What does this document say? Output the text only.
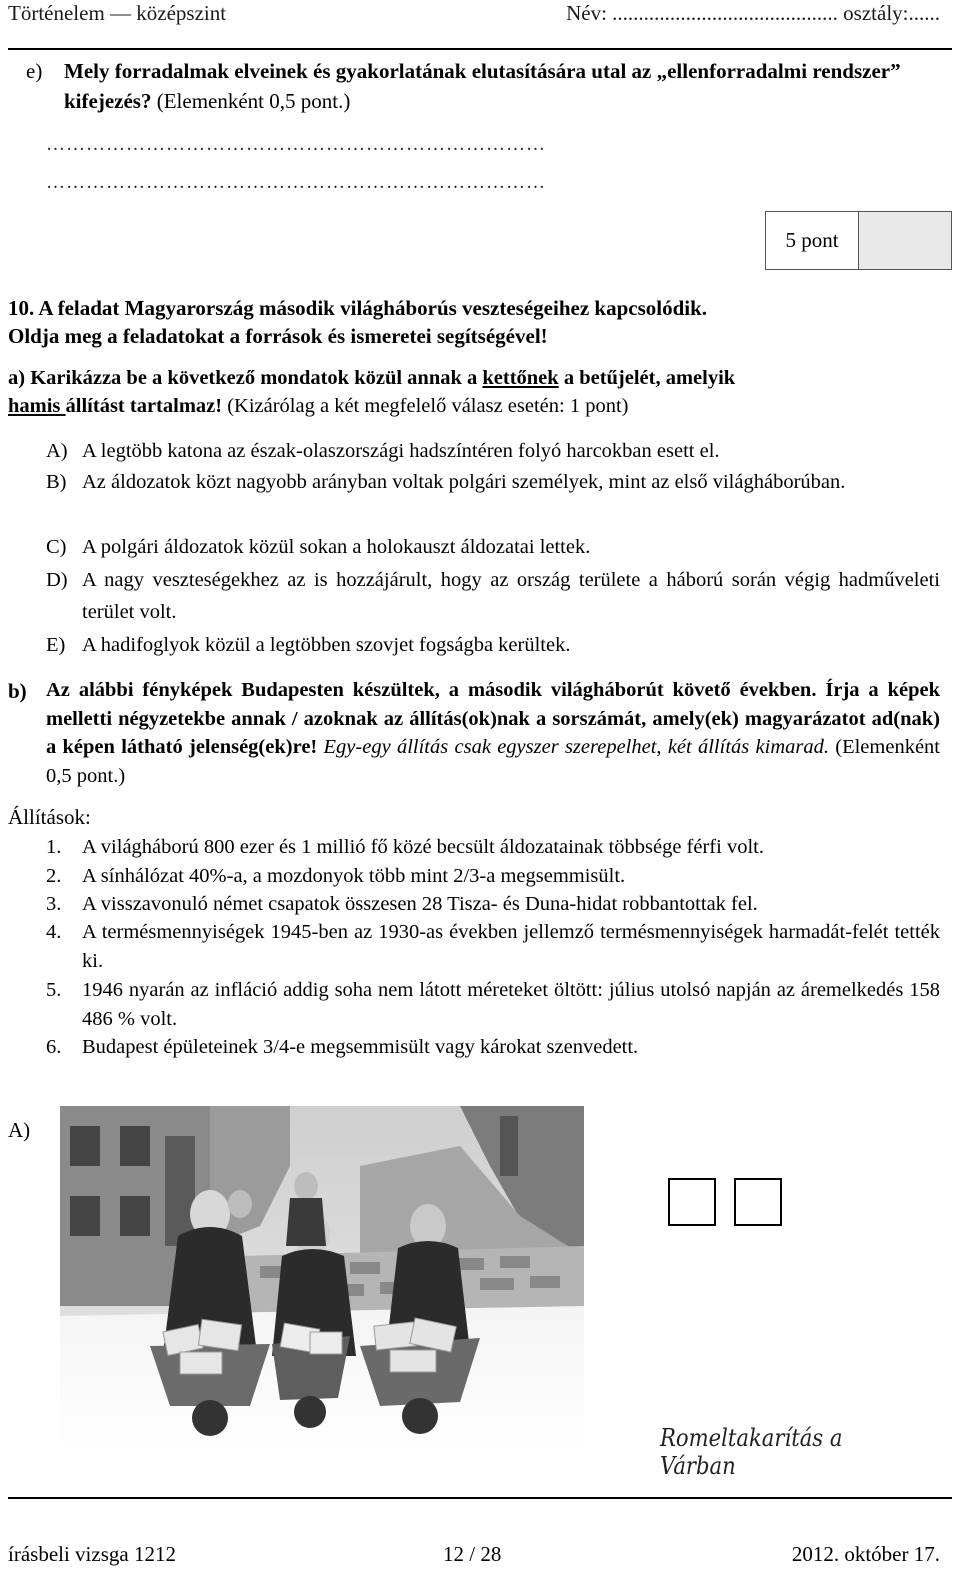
Történelem — középszint	Név: ........................................... osztály:......
e)	Mely forradalmak elveinek és gyakorlatának elutasítására utal az „ellenforradalmi rendszer” kifejezés? (Elemenként 0,5 pont.)
…………………………………………………………………
…………………………………………………………………
5 pont
10. A feladat Magyarország második világháborús veszteségeihez kapcsolódik.
Oldja meg a feladatokat a források és ismeretei segítségével!
a) Karikázza be a következő mondatok közül annak a kettőnek a betűjelét, amelyik
hamis állítást tartalmaz! (Kizárólag a két megfelelő válasz esetén: 1 pont)
A) A legtöbb katona az észak-olaszországi hadszíntéren folyó harcokban esett el.
B) Az áldozatok közt nagyobb arányban voltak polgári személyek, mint az első világháborúban.
C) A polgári áldozatok közül sokan a holokauszt áldozatai lettek.
D) A nagy veszteségekhez az is hozzájárult, hogy az ország területe a háború során végig hadműveleti terület volt.
E) A hadifoglyok közül a legtöbben szovjet fogságba kerültek.
b) Az alábbi fényképek Budapesten készültek, a második világháborút követő években. Írja a képek melletti négyzetekbe annak / azoknak az állítás(ok)nak a sorszámát, amely(ek) magyarázatot ad(nak) a képen látható jelenség(ek)re! Egy-egy állítás csak egyszer szerepelhet, két állítás kimarad. (Elemenként 0,5 pont.)
Állítások:
1.	A világháború 800 ezer és 1 millió fő közé becsült áldozatainak többsége férfi volt.
2.	A sínhálózat 40%-a, a mozdonyok több mint 2/3-a megsemmisült.
3.	A visszavonuló német csapatok összesen 28 Tisza- és Duna-hidat robbantottak fel.
4.	A termésmennyiségek 1945-ben az 1930-as években jellemző termésmennyiségek harmadát-felét tették ki.
5.	1946 nyarán az infláció addig soha nem látott méreteket öltött: július utolsó napján az áremelkedés 158 486 % volt.
6.	Budapest épületeinek 3/4-e megsemmisült vagy károkat szenvedett.
A)
Romeltakarítás a Várban
írásbeli vizsga 1212	12 / 28	2012. október 17.
